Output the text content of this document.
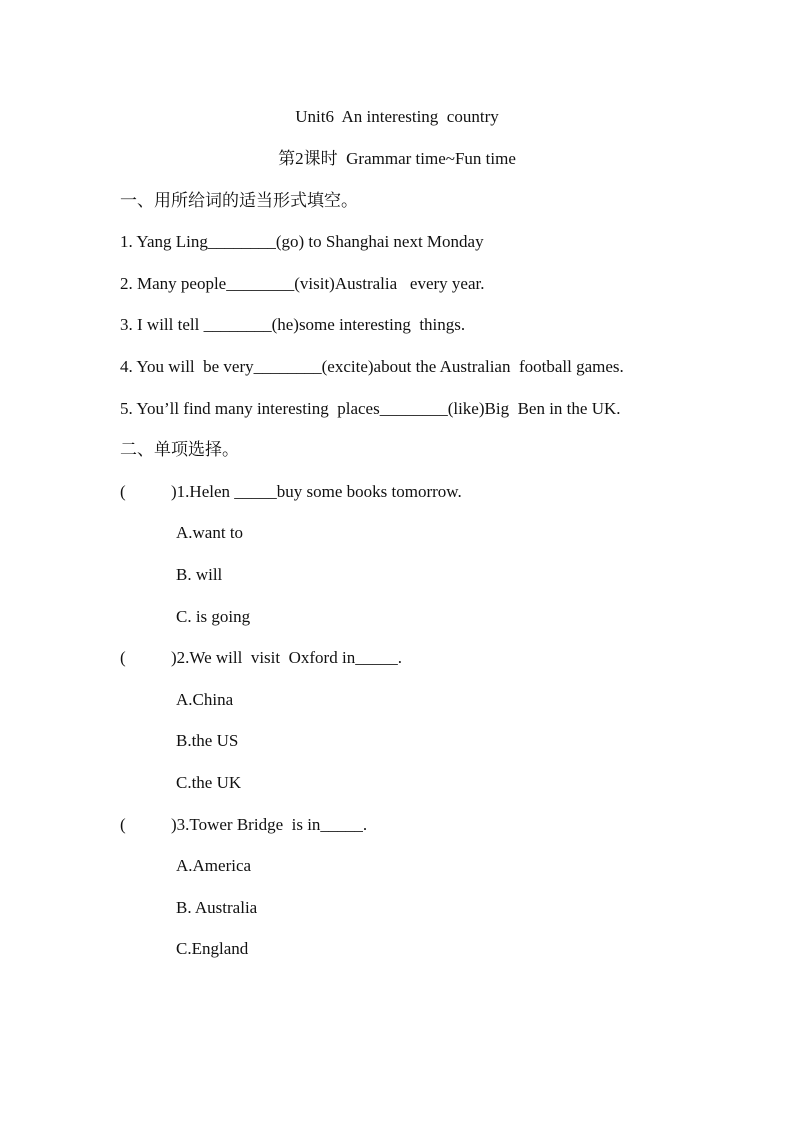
Unit6  An interesting  country
第2课时  Grammar time~Fun time
一、用所给词的适当形式填空。
1. Yang Ling________(go) to Shanghai next Monday
2. Many people________(visit)Australia   every year.
3. I will tell ________(he)some interesting  things.
4. You will  be very________(excite)about the Australian  football games.
5. You’ll find many interesting  places________(like)Big  Ben in the UK.
二、单项选择。
(	)1.Helen _____buy some books tomorrow.
A.want to
B. will
C. is going
(	)2.We will  visit  Oxford in_____.
A.China
B.the US
C.the UK
(	)3.Tower Bridge  is in_____.
A.America
B. Australia
C.England
